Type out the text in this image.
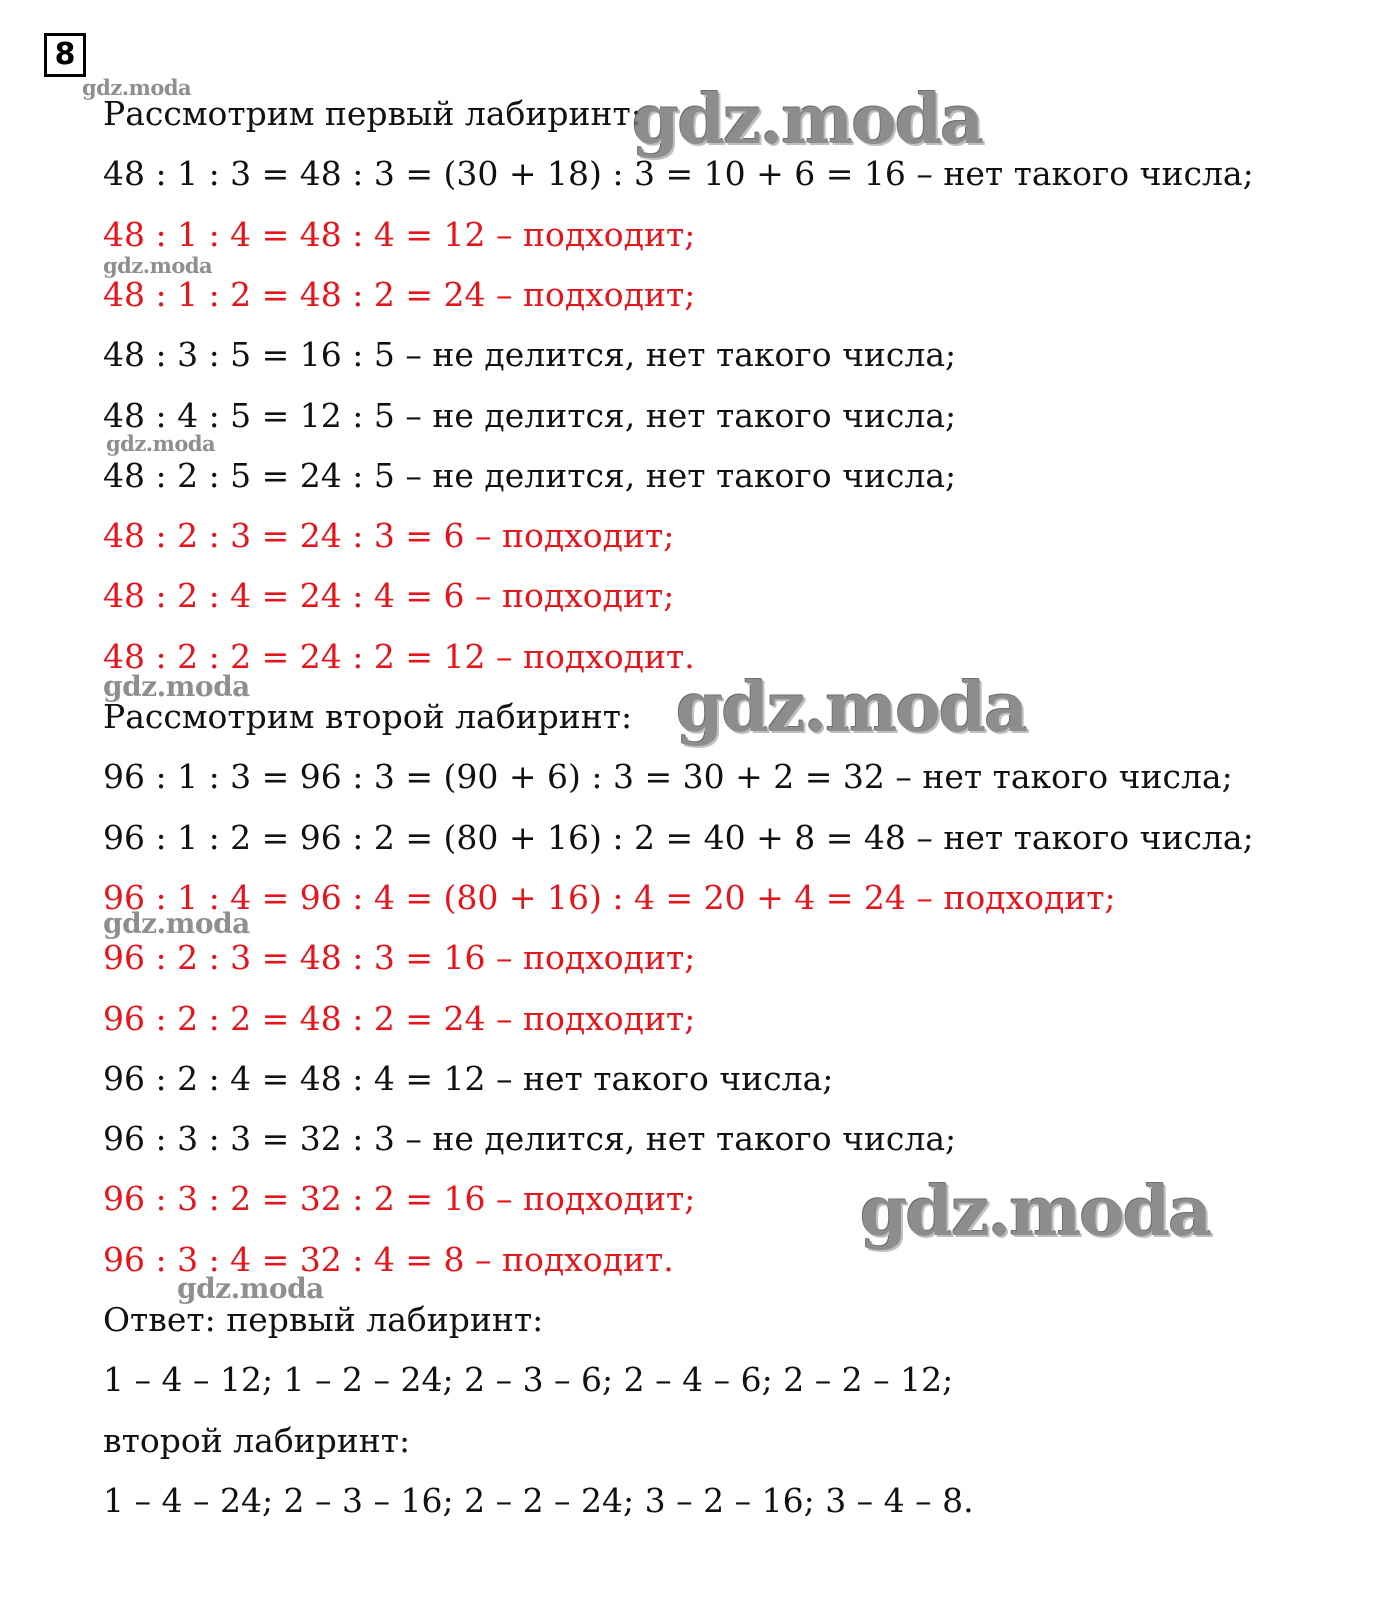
8
gdz.moda
gdz.moda
gdz.moda
gdz.moda
gdz.moda
gdz.moda
Рассмотрим первый лабиринт:
48 : 1 : 3 = 48 : 3 = (30 + 18) : 3 = 10 + 6 = 16 – нет такого числа;
48 : 1 : 4 = 48 : 4 = 12 – подходит;
48 : 1 : 2 = 48 : 2 = 24 – подходит;
48 : 3 : 5 = 16 : 5 – не делится, нет такого числа;
48 : 4 : 5 = 12 : 5 – не делится, нет такого числа;
48 : 2 : 5 = 24 : 5 – не делится, нет такого числа;
48 : 2 : 3 = 24 : 3 = 6 – подходит;
48 : 2 : 4 = 24 : 4 = 6 – подходит;
48 : 2 : 2 = 24 : 2 = 12 – подходит.
Рассмотрим второй лабиринт:
96 : 1 : 3 = 96 : 3 = (90 + 6) : 3 = 30 + 2 = 32 – нет такого числа;
96 : 1 : 2 = 96 : 2 = (80 + 16) : 2 = 40 + 8 = 48 – нет такого числа;
96 : 1 : 4 = 96 : 4 = (80 + 16) : 4 = 20 + 4 = 24 – подходит;
96 : 2 : 3 = 48 : 3 = 16 – подходит;
96 : 2 : 2 = 48 : 2 = 24 – подходит;
96 : 2 : 4 = 48 : 4 = 12 – нет такого числа;
96 : 3 : 3 = 32 : 3 – не делится, нет такого числа;
96 : 3 : 2 = 32 : 2 = 16 – подходит;
96 : 3 : 4 = 32 : 4 = 8 – подходит.
Ответ: первый лабиринт:
1 – 4 – 12; 1 – 2 – 24; 2 – 3 – 6; 2 – 4 – 6; 2 – 2 – 12;
второй лабиринт:
1 – 4 – 24; 2 – 3 – 16; 2 – 2 – 24; 3 – 2 – 16; 3 – 4 – 8.
gdz.moda
gdz.moda
gdz.moda
